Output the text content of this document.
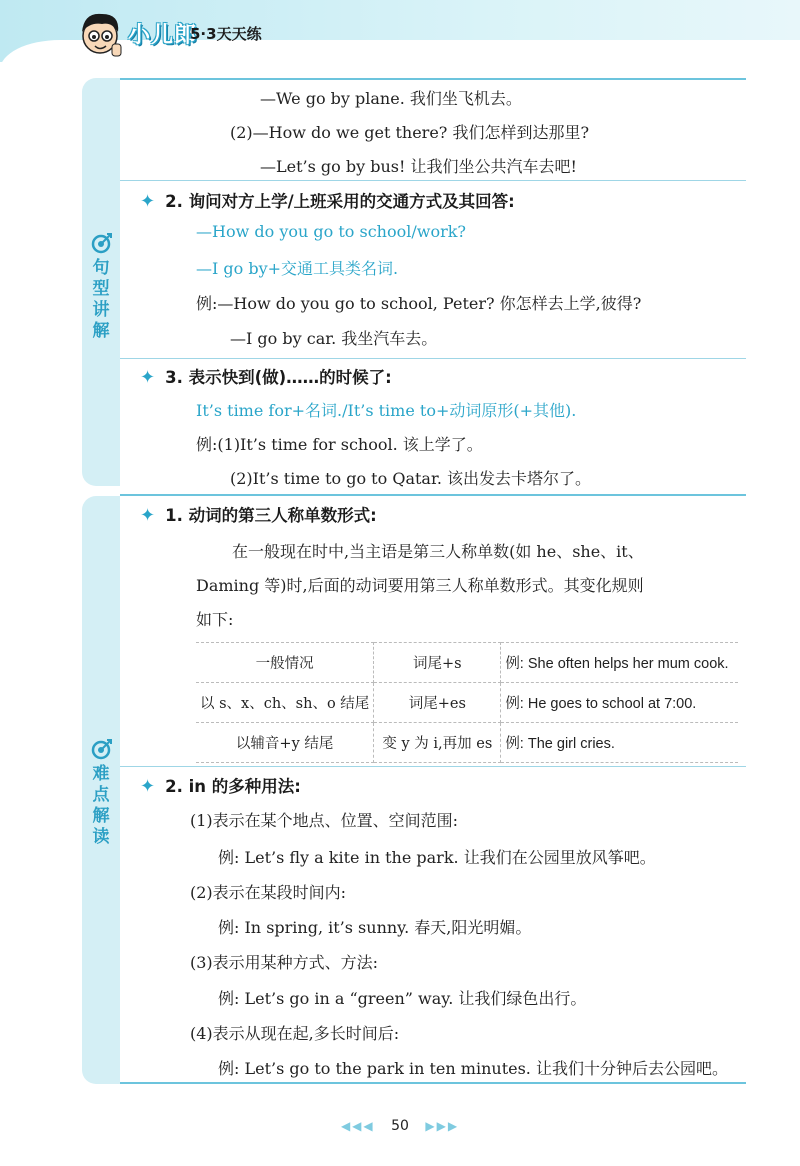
小儿郎
5·3天天练
句
型
讲
解
难
点
解
读
—We go by plane. 我们坐飞机去。
(2)—How do we get there? 我们怎样到达那里?
—Let’s go by bus! 让我们坐公共汽车去吧!
✦ 2. 询问对方上学/上班采用的交通方式及其回答:
—How do you go to school/work?
—I go by+交通工具类名词.
例:—How do you go to school, Peter? 你怎样去上学,彼得?
—I go by car. 我坐汽车去。
✦ 3. 表示快到(做)……的时候了:
It’s time for+名词./It’s time to+动词原形(+其他).
例:(1)It’s time for school. 该上学了。
(2)It’s time to go to Qatar. 该出发去卡塔尔了。
✦ 1. 动词的第三人称单数形式:
在一般现在时中,当主语是第三人称单数(如 he、she、it、
Daming 等)时,后面的动词要用第三人称单数形式。其变化规则
如下:
一般情况	词尾+s	例: She often helps her mum cook.
以 s、x、ch、sh、o 结尾	词尾+es	例: He goes to school at 7:00.
以辅音+y 结尾	变 y 为 i,再加 es	例: The girl cries.
✦ 2. in 的多种用法:
(1)表示在某个地点、位置、空间范围:
例: Let’s fly a kite in the park. 让我们在公园里放风筝吧。
(2)表示在某段时间内:
例: In spring, it’s sunny. 春天,阳光明媚。
(3)表示用某种方式、方法:
例: Let’s go in a “green” way. 让我们绿色出行。
(4)表示从现在起,多长时间后:
例: Let’s go to the park in ten minutes. 让我们十分钟后去公园吧。
◀◀◀ 50 ▶▶▶
